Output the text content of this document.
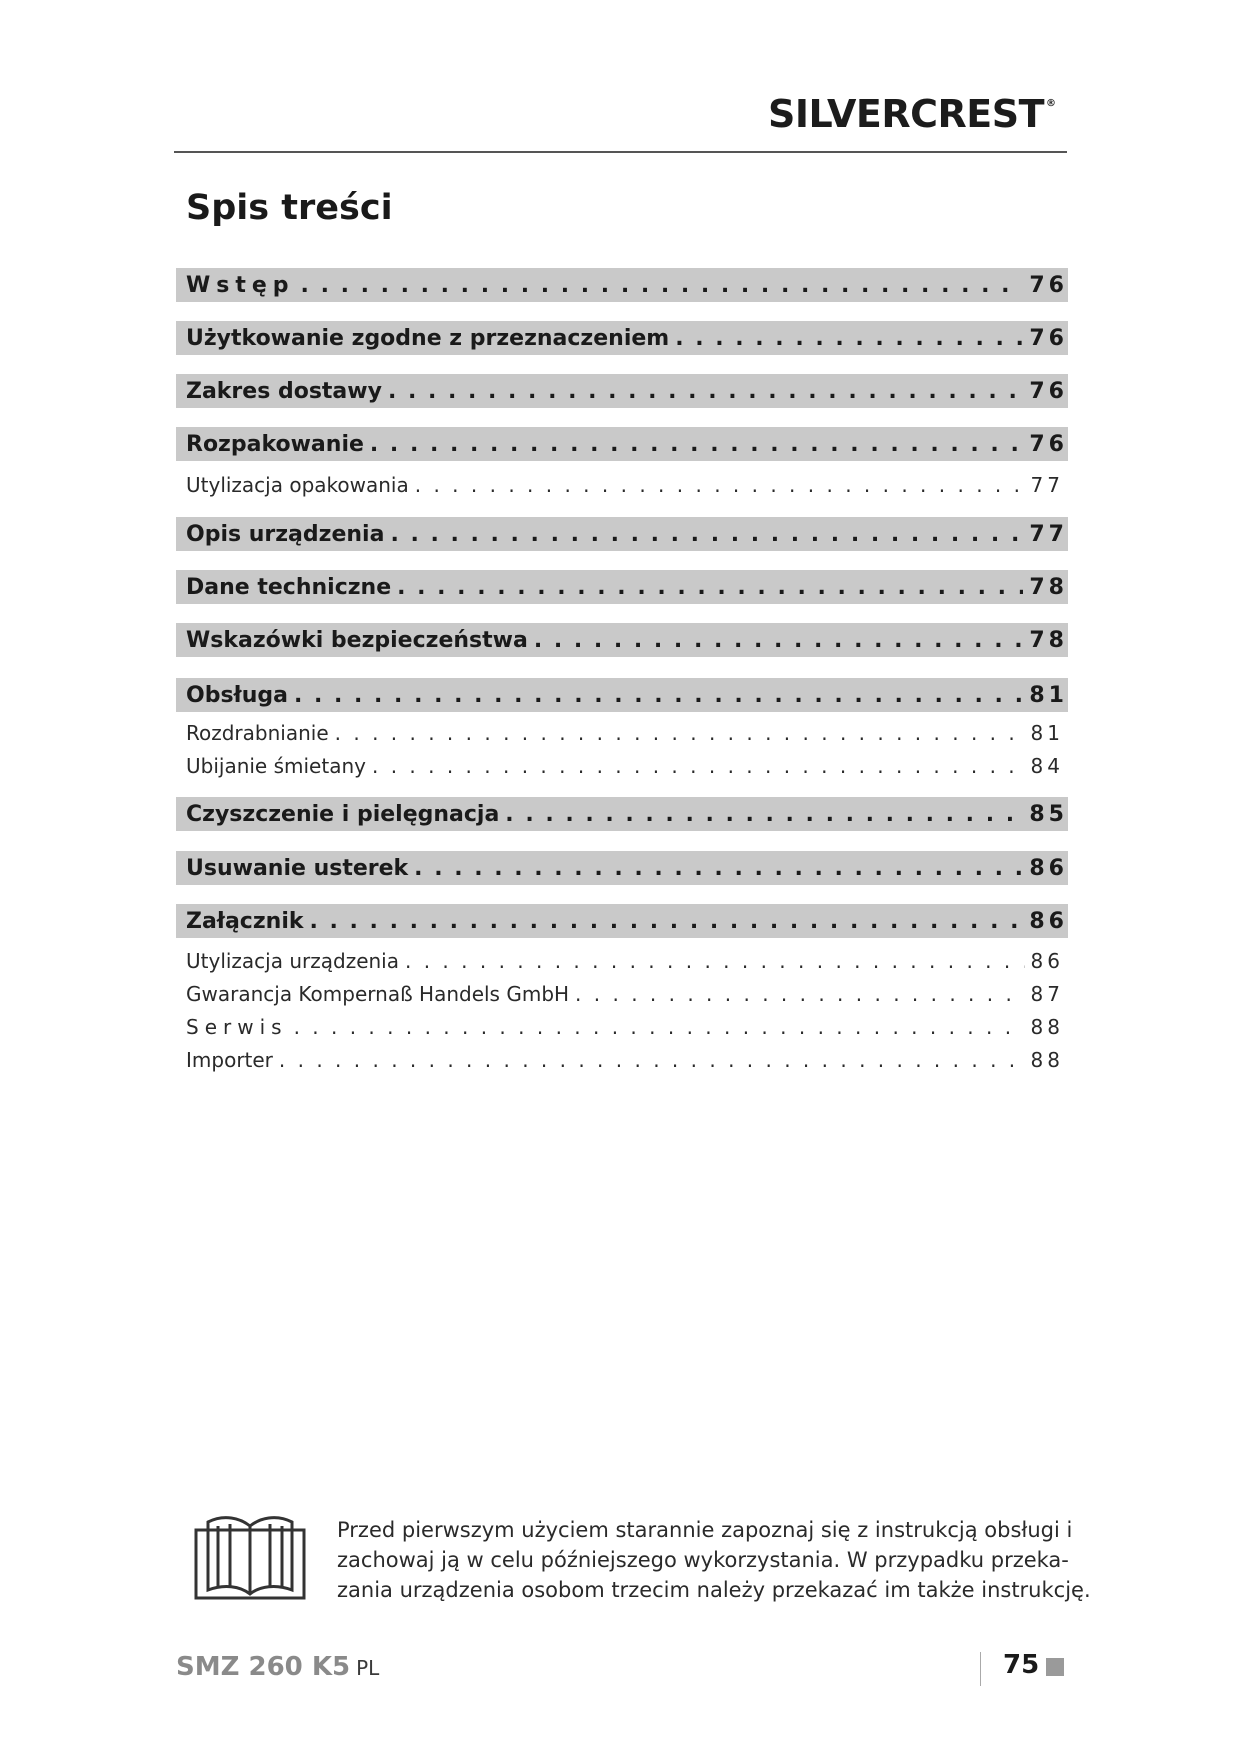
SILVERCREST ®
Spis treści
Wstęp . . .	76
Użytkowanie zgodne z przeznaczeniem . . .	76
Zakres dostawy . . .	76
Rozpakowanie . . .	76
Utylizacja opakowania . . .	77
Opis urządzenia . . .	77
Dane techniczne . . .	78
Wskazówki bezpieczeństwa . . .	78
Obsługa . . .	81
Rozdrabnianie . . .	81
Ubijanie śmietany . . .	84
Czyszczenie i pielęgnacja . . .	85
Usuwanie usterek . . .	86
Załącznik . . .	86
Utylizacja urządzenia . . .	86
Gwarancja Kompernaß Handels GmbH . . .	87
Serwis . . .	88
Importer . . .	88
Przed pierwszym użyciem starannie zapoznaj się z instrukcją obsługi i
zachowaj ją w celu późniejszego wykorzystania. W przypadku przeka-
zania urządzenia osobom trzecim należy przekazać im także instrukcję.
SMZ 260 K5 PL	75
